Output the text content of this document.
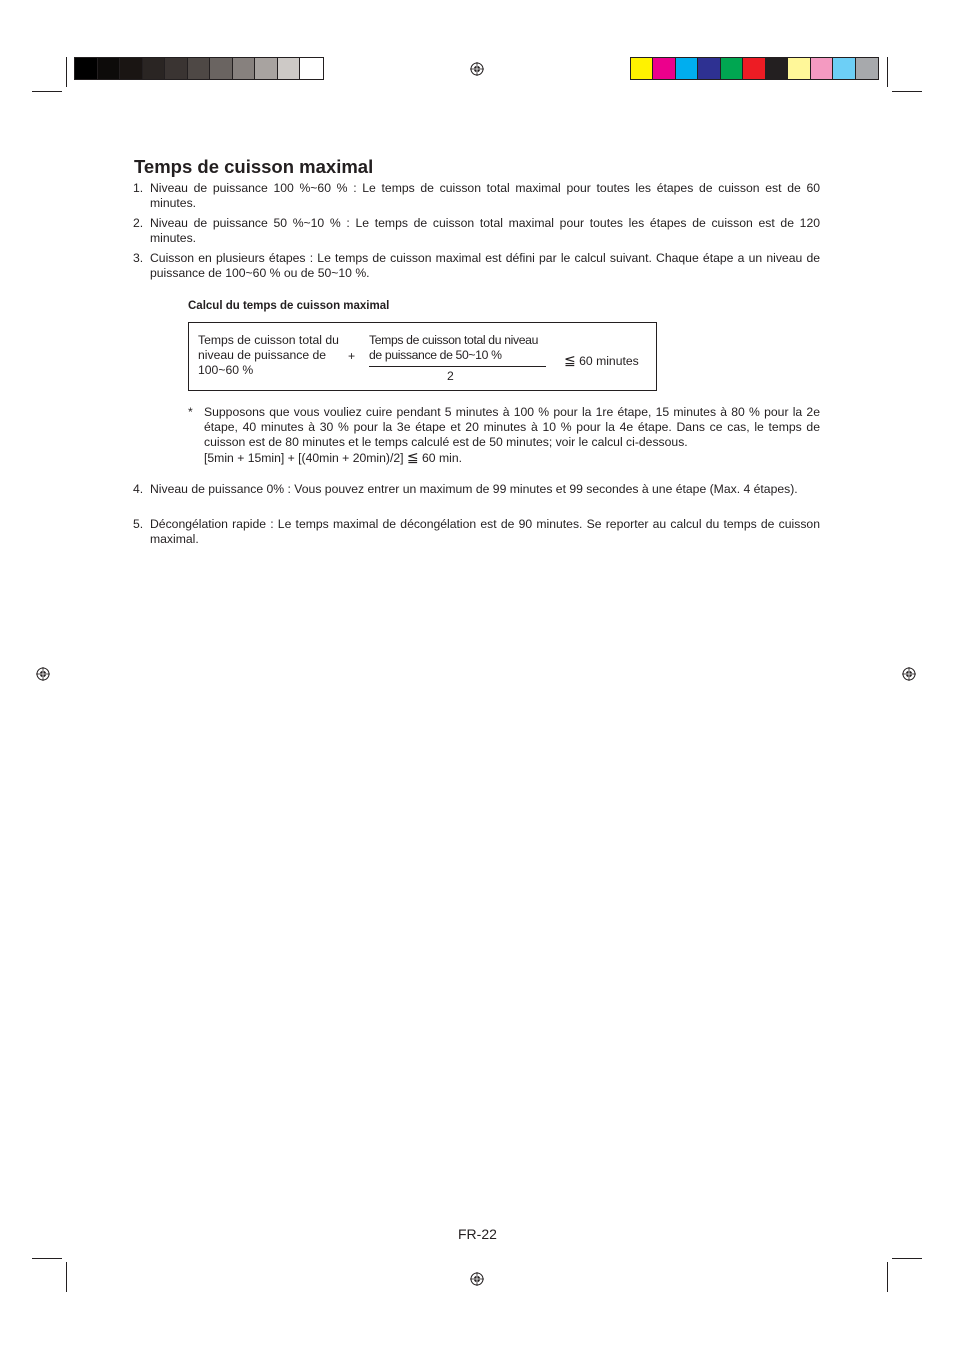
Temps de cuisson maximal
1. Niveau de puissance 100 %~60 % : Le temps de cuisson total maximal pour toutes les étapes de cuisson est de 60 minutes.
2. Niveau de puissance 50 %~10 % : Le temps de cuisson total maximal pour toutes les étapes de cuisson est de 120 minutes.
3. Cuisson en plusieurs étapes : Le temps de cuisson maximal est défini par le calcul suivant. Chaque étape a un niveau de puissance de 100~60 % ou de 50~10 %.
Calcul du temps de cuisson maximal
Temps de cuisson total du niveau de puissance de 100~60 %
+
Temps de cuisson total du niveau de puissance de 50~10 %
2
≦ 60 minutes
* Supposons que vous vouliez cuire pendant 5 minutes à 100 % pour la 1re étape, 15 minutes à 80 % pour la 2e étape, 40 minutes à 30 % pour la 3e étape et 20 minutes à 10 % pour la 4e étape. Dans ce cas, le temps de cuisson est de 80 minutes et le temps calculé est de 50 minutes; voir le calcul ci-dessous.
[5min + 15min] + [(40min + 20min)/2] ≦ 60 min.
4. Niveau de puissance 0% : Vous pouvez entrer un maximum de 99 minutes et 99 secondes à une étape (Max. 4 étapes).
5. Décongélation rapide : Le temps maximal de décongélation est de 90 minutes. Se reporter au calcul du temps de cuisson maximal.
FR-22
